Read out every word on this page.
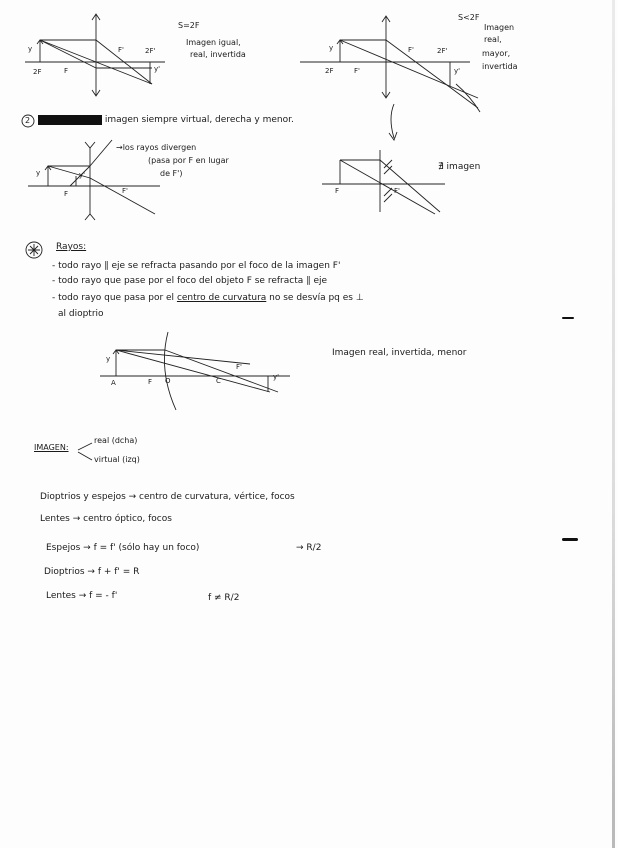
S=2F
Imagen igual,
real, invertida
y
2F	F
F'	2F'
y'
S<2F
Imagen
real,
mayor,
invertida
y
2F	F'
F'	2F'
y'
2 DIVERGENTES imagen siempre virtual, derecha y menor.
→los rayos divergen
(pasa por F en lugar
de F')
y	y'
F	F'	F	F'
∄ imagen
Rayos:
- todo rayo ∥ eje se refracta pasando por el foco de la imagen F'
- todo rayo que pase por el foco del objeto F se refracta ∥ eje
- todo rayo que pasa por el centro de curvatura no se desvía pq es ⊥
al dioptrio
y
A	F O	C
F'
y'
Imagen real, invertida, menor
IMAGEN:
real (dcha)
virtual (izq)
Dioptrios y espejos → centro de curvatura, vértice, focos
Lentes → centro óptico, focos
Espejos → f = f' (sólo hay un foco)	→ R/2
Dioptrios → f + f' = R
Lentes → f = - f'	f ≠ R/2
